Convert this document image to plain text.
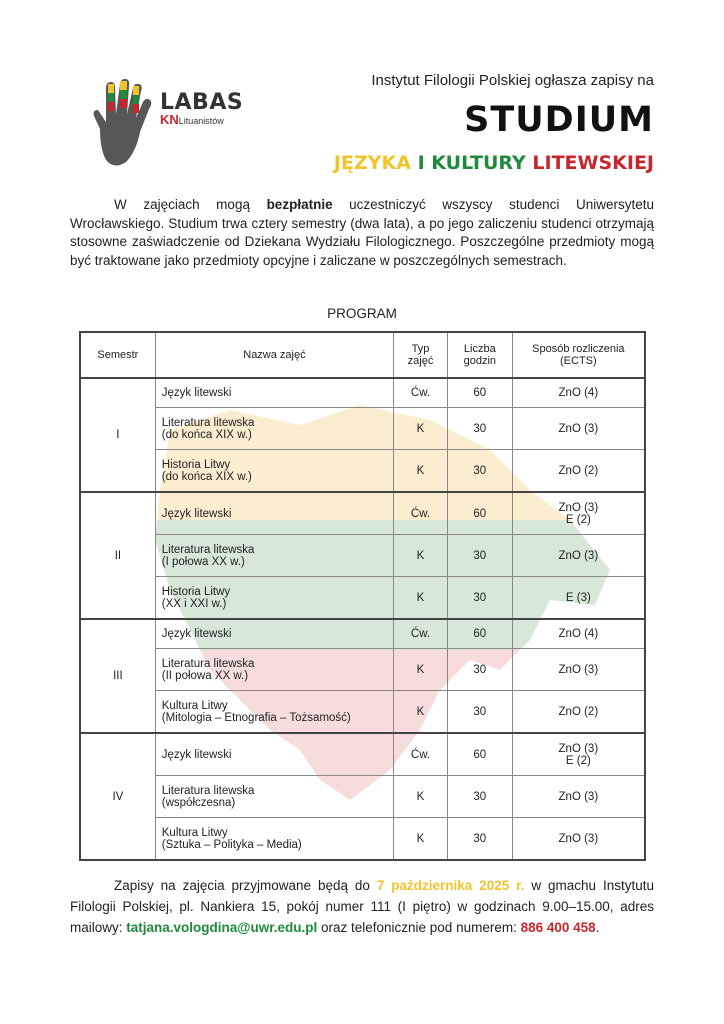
LABAS
KNLituanistów
Instytut Filologii Polskiej ogłasza zapisy na
STUDIUM
JĘZYKA I KULTURY LITEWSKIEJ
W zajęciach mogą bezpłatnie uczestniczyć wszyscy studenci Uniwersytetu Wrocławskiego. Studium trwa cztery semestry (dwa lata), a po jego zaliczeniu studenci otrzymają stosowne zaświadczenie od Dziekana Wydziału Filologicznego. Poszczególne przedmioty mogą być traktowane jako przedmioty opcyjne i zaliczane w poszczególnych semestrach.
PROGRAM
Semestr	Nazwa zajęć	Typ zajęć	Liczba godzin	Sposób rozliczenia (ECTS)
I	Język litewski	Ćw.	60	ZnO (4)
	Literatura litewska
(do końca XIX w.)	K	30	ZnO (3)
	Historia Litwy
(do końca XIX w.)	K	30	ZnO (2)
II	Język litewski	Ćw.	60	ZnO (3)
E (2)
	Literatura litewska
(I połowa XX w.)	K	30	ZnO (3)
	Historia Litwy
(XX i XXI w.)	K	30	E (3)
III	Język litewski	Ćw.	60	ZnO (4)
	Literatura litewska
(II połowa XX w.)	K	30	ZnO (3)
	Kultura Litwy
(Mitologia – Etnografia – Tożsamość)	K	30	ZnO (2)
IV	Język litewski	Ćw.	60	ZnO (3)
E (2)
	Literatura litewska
(współczesna)	K	30	ZnO (3)
	Kultura Litwy
(Sztuka – Polityka – Media)	K	30	ZnO (3)
Zapisy na zajęcia przyjmowane będą do 7 października 2025 r. w gmachu Instytutu Filologii Polskiej, pl. Nankiera 15, pokój numer 111 (I piętro) w godzinach 9.00–15.00, adres mailowy: tatjana.vologdina@uwr.edu.pl oraz telefonicznie pod numerem: 886 400 458.
